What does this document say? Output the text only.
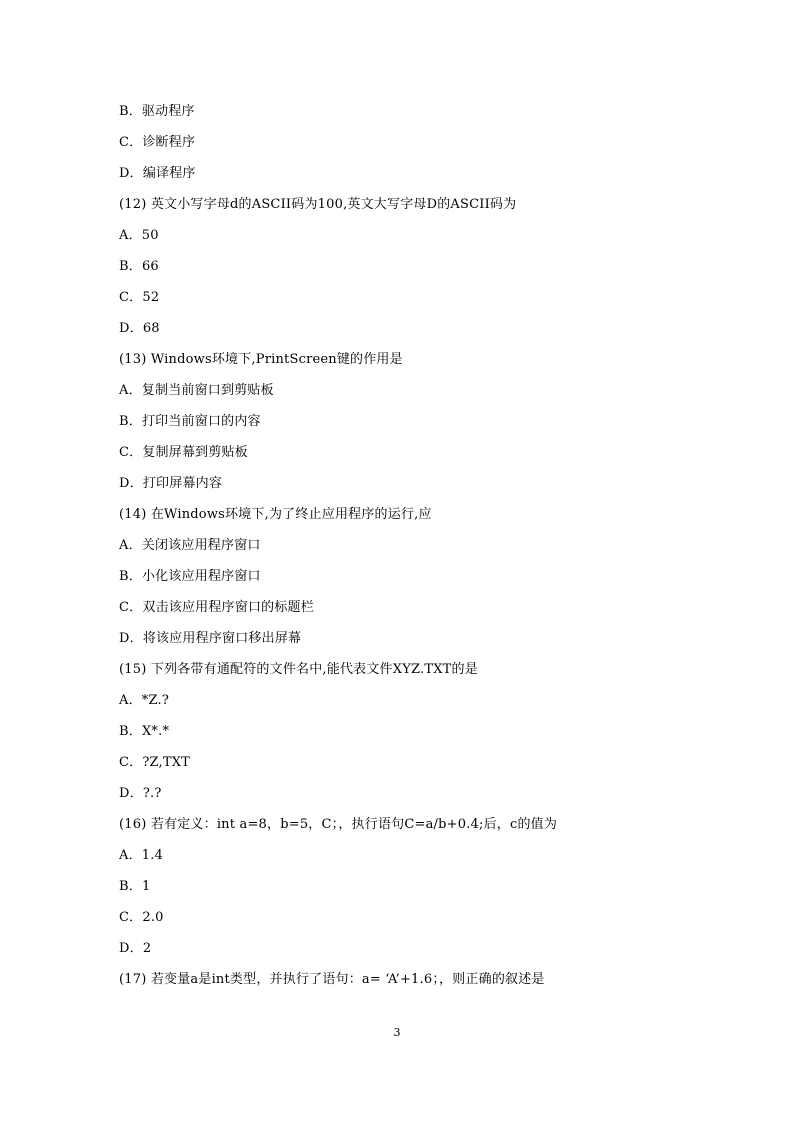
B．驱动程序
C．诊断程序
D．编译程序
(12) 英文小写字母d的ASCII码为100,英文大写字母D的ASCII码为
A．50
B．66
C．52
D．68
(13) Windows环境下,PrintScreen键的作用是
A．复制当前窗口到剪贴板
B．打印当前窗口的内容
C．复制屏幕到剪贴板
D．打印屏幕内容
(14) 在Windows环境下,为了终止应用程序的运行,应
A．关闭该应用程序窗口
B．小化该应用程序窗口
C．双击该应用程序窗口的标题栏
D．将该应用程序窗口移出屏幕
(15) 下列各带有通配符的文件名中,能代表文件XYZ.TXT的是
A．*Z.?
B．X*.*
C．?Z,TXT
D．?.?
(16) 若有定义：int a=8，b=5，C；，执行语句C=a/b+0.4;后，c的值为
A．1.4
B．1
C．2.0
D．2
(17) 若变量a是int类型，并执行了语句：a= ‘A’+1.6；，则正确的叙述是
3
